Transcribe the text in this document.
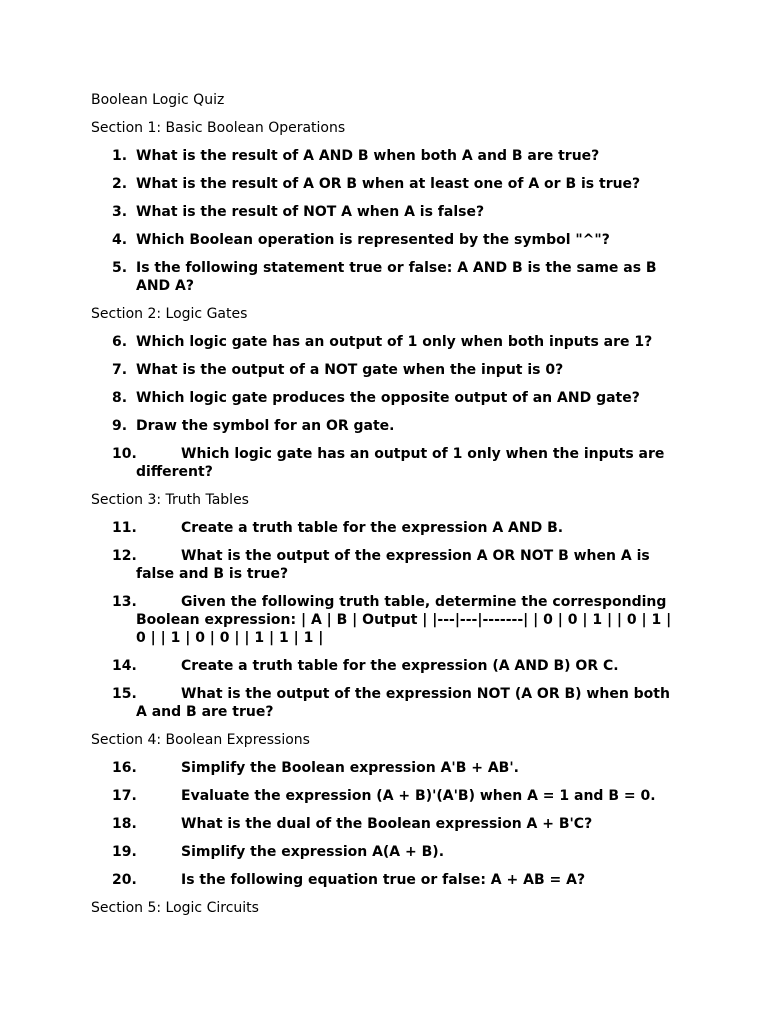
Boolean Logic Quiz
Section 1: Basic Boolean Operations
1. What is the result of A AND B when both A and B are true?
2. What is the result of A OR B when at least one of A or B is true?
3. What is the result of NOT A when A is false?
4. Which Boolean operation is represented by the symbol "^"?
5. Is the following statement true or false: A AND B is the same as B AND A?
Section 2: Logic Gates
6. Which logic gate has an output of 1 only when both inputs are 1?
7. What is the output of a NOT gate when the input is 0?
8. Which logic gate produces the opposite output of an AND gate?
9. Draw the symbol for an OR gate.
10.	Which logic gate has an output of 1 only when the inputs are different?
Section 3: Truth Tables
11.	Create a truth table for the expression A AND B.
12.	What is the output of the expression A OR NOT B when A is false and B is true?
13.	Given the following truth table, determine the corresponding Boolean expression: | A | B | Output | |---|---|-------| | 0 | 0 | 1 | | 0 | 1 | 0 | | 1 | 0 | 0 | | 1 | 1 | 1 |
14.	Create a truth table for the expression (A AND B) OR C.
15.	What is the output of the expression NOT (A OR B) when both A and B are true?
Section 4: Boolean Expressions
16.	Simplify the Boolean expression A'B + AB'.
17.	Evaluate the expression (A + B)'(A'B) when A = 1 and B = 0.
18.	What is the dual of the Boolean expression A + B'C?
19.	Simplify the expression A(A + B).
20.	Is the following equation true or false: A + AB = A?
Section 5: Logic Circuits
